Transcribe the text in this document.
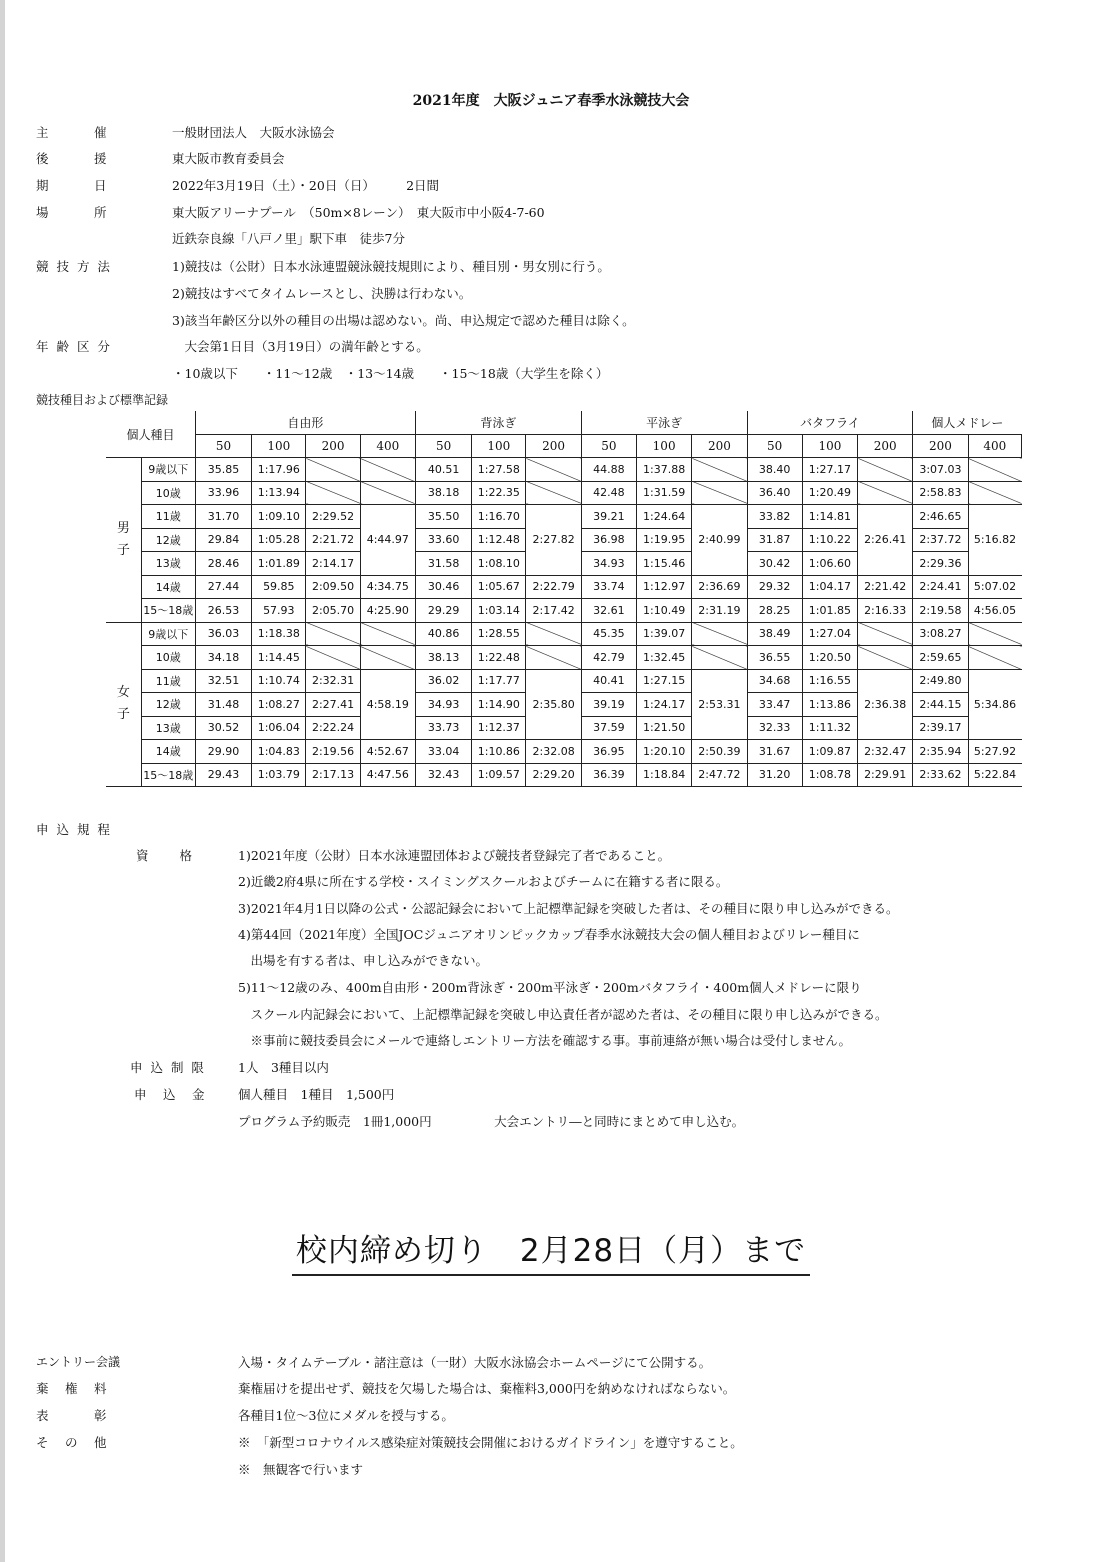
2021年度　大阪ジュニア春季水泳競技大会
主　　　催	一般財団法人　大阪水泳協会
後　　　援	東大阪市教育委員会
期　　　日	2022年3月19日（土）・20日（日）　　　2日間
場　　　所	東大阪アリーナプール　（50m×8レーン）　東大阪市中小阪4-7-60
近鉄奈良線「八戸ノ里」駅下車　徒歩7分
競 技 方 法	1)競技は（公財）日本水泳連盟競泳競技規則により、種目別・男女別に行う。
2)競技はすべてタイムレースとし、決勝は行わない。
3)該当年齢区分以外の種目の出場は認めない。尚、申込規定で認めた種目は除く。
年 齢 区 分	　大会第1日目（3月19日）の満年齢とする。
・10歳以下　　・11〜12歳　・13〜14歳　　・15〜18歳（大学生を除く）
競技種目および標準記録
個人種目		自由形				背泳ぎ			平泳ぎ			バタフライ			個人メドレー	
		50	100	200	400	50	100	200	50	100	200	50	100	200	200	400
男子	9歳以下	35.85	1:17.96			40.51	1:27.58		44.88	1:37.88		38.40	1:27.17		3:07.03	
	10歳	33.96	1:13.94			38.18	1:22.35		42.48	1:31.59		36.40	1:20.49		2:58.83	
	11歳	31.70	1:09.10	2:29.52	4:44.97	35.50	1:16.70	2:27.82	39.21	1:24.64	2:40.99	33.82	1:14.81	2:26.41	2:46.65	5:16.82
	12歳	29.84	1:05.28	2:21.72		33.60	1:12.48		36.98	1:19.95		31.87	1:10.22		2:37.72	
	13歳	28.46	1:01.89	2:14.17		31.58	1:08.10		34.93	1:15.46		30.42	1:06.60		2:29.36	
	14歳	27.44	59.85	2:09.50	4:34.75	30.46	1:05.67	2:22.79	33.74	1:12.97	2:36.69	29.32	1:04.17	2:21.42	2:24.41	5:07.02
	15〜18歳	26.53	57.93	2:05.70	4:25.90	29.29	1:03.14	2:17.42	32.61	1:10.49	2:31.19	28.25	1:01.85	2:16.33	2:19.58	4:56.05
女子	9歳以下	36.03	1:18.38			40.86	1:28.55		45.35	1:39.07		38.49	1:27.04		3:08.27	
	10歳	34.18	1:14.45			38.13	1:22.48		42.79	1:32.45		36.55	1:20.50		2:59.65	
	11歳	32.51	1:10.74	2:32.31	4:58.19	36.02	1:17.77	2:35.80	40.41	1:27.15	2:53.31	34.68	1:16.55	2:36.38	2:49.80	5:34.86
	12歳	31.48	1:08.27	2:27.41		34.93	1:14.90		39.19	1:24.17		33.47	1:13.86		2:44.15	
	13歳	30.52	1:06.04	2:22.24		33.73	1:12.37		37.59	1:21.50		32.33	1:11.32		2:39.17	
	14歳	29.90	1:04.83	2:19.56	4:52.67	33.04	1:10.86	2:32.08	36.95	1:20.10	2:50.39	31.67	1:09.87	2:32.47	2:35.94	5:27.92
	15〜18歳	29.43	1:03.79	2:17.13	4:47.56	32.43	1:09.57	2:29.20	36.39	1:18.84	2:47.72	31.20	1:08.78	2:29.91	2:33.62	5:22.84
申 込 規 程
資　　格	1)2021年度（公財）日本水泳連盟団体および競技者登録完了者であること。
2)近畿2府4県に所在する学校・スイミングスクールおよびチームに在籍する者に限る。
3)2021年4月1日以降の公式・公認記録会において上記標準記録を突破した者は、その種目に限り申し込みができる。
4)第44回（2021年度）全国JOCジュニアオリンピックカップ春季水泳競技大会の個人種目およびリレー種目に
　出場を有する者は、申し込みができない。
5)11〜12歳のみ、400m自由形・200m背泳ぎ・200m平泳ぎ・200mバタフライ・400m個人メドレーに限り
　スクール内記録会において、上記標準記録を突破し申込責任者が認めた者は、その種目に限り申し込みができる。
　※事前に競技委員会にメールで連絡しエントリー方法を確認する事。事前連絡が無い場合は受付しません。
申 込 制 限	1人　3種目以内
申　込　金	個人種目　1種目　1,500円
プログラム予約販売　1冊1,000円　　　　　大会エントリ―と同時にまとめて申し込む。
校内締め切り　2月28日（月）まで
エントリー会議	入場・タイムテーブル・諸注意は（一財）大阪水泳協会ホームページにて公開する。
棄　権　料	棄権届けを提出せず、競技を欠場した場合は、棄権料3,000円を納めなければならない。
表　　　彰	各種目1位〜3位にメダルを授与する。
そ　の　他	※　「新型コロナウイルス感染症対策競技会開催におけるガイドライン」を遵守すること。
※　無観客で行います
